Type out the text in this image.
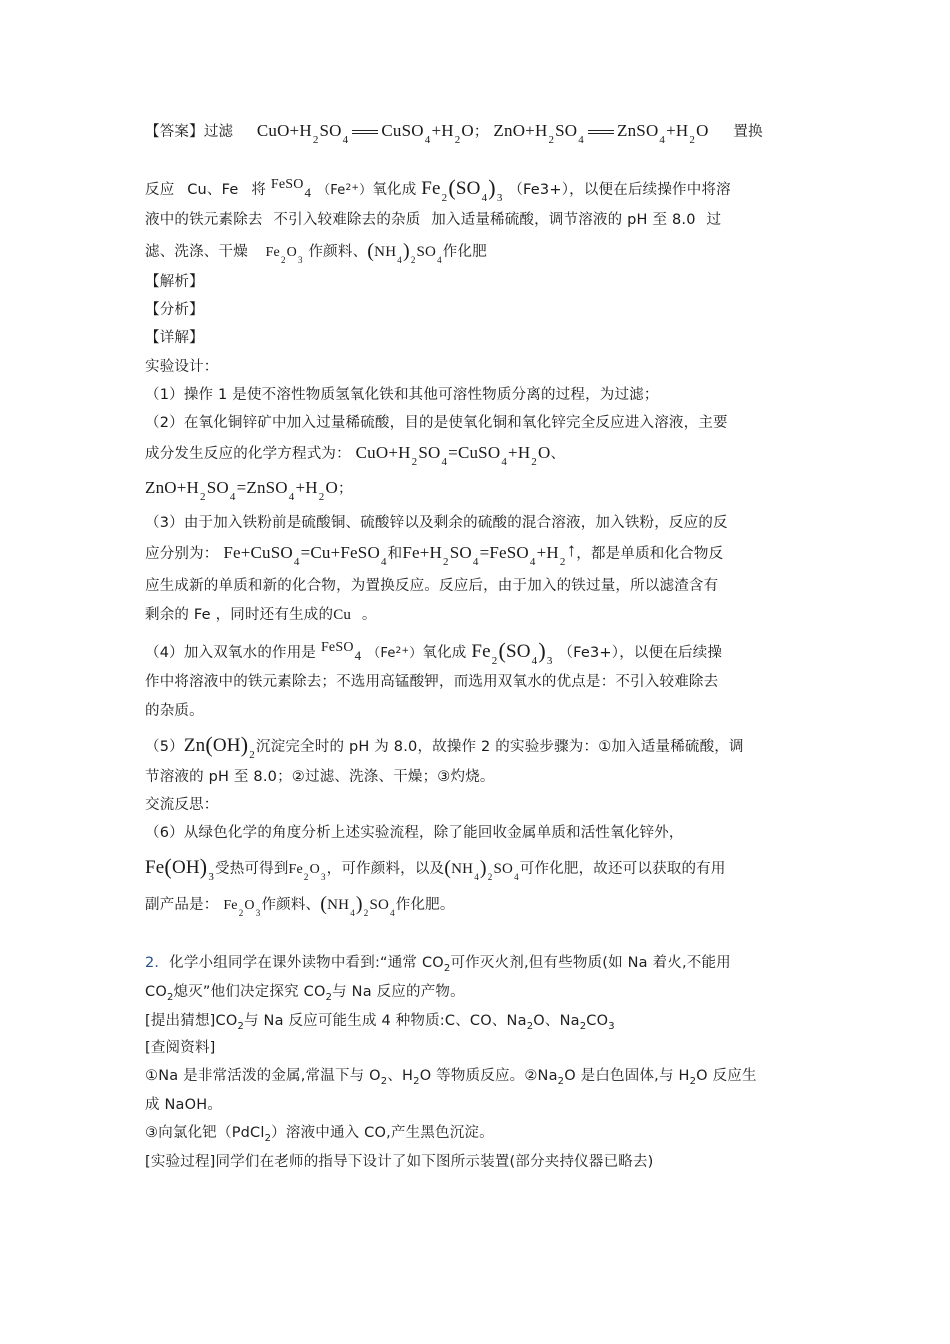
【答案】过滤 $CuO+H_2SO_4$ $CuSO_4+H_2O$； $ZnO+H_2SO_4$ $ZnSO_4+H_2O$ 置换
反应 Cu、Fe 将 FeSO4 $(Fe^{2+})$氧化成 $Fe_2(SO_4)_3$ （Fe3+），以便在后续操作中将溶
液中的铁元素除去 不引入较难除去的杂质 加入适量稀硫酸，调节溶液的 pH 至 8.0 过
滤、洗涤、干燥 $Fe_2O_3$ 作颜料、$(NH_4)_2SO_4$作化肥
【解析】
【分析】
【详解】
实验设计：
（1）操作 1 是使不溶性物质氢氧化铁和其他可溶性物质分离的过程，为过滤；
（2）在氧化铜锌矿中加入过量稀硫酸，目的是使氧化铜和氧化锌完全反应进入溶液，主要
成分发生反应的化学方程式为： $CuO+H_2SO_4=CuSO_4+H_2O$、
$ZnO+H_2SO_4=ZnSO_4+H_2O$；
（3）由于加入铁粉前是硫酸铜、硫酸锌以及剩余的硫酸的混合溶液，加入铁粉，反应的反
应分别为： Fe+CuSO$_4$=Cu+FeSO$_4$和$Fe+H_2SO_4=FeSO_4+H_2↑$，都是单质和化合物反
应生成新的单质和新的化合物，为置换反应。反应后，由于加入的铁过量，所以滤渣含有
剩余的 Fe ，同时还有生成的Cu 。
（4）加入双氧水的作用是 FeSO4 $(Fe^{2+})$氧化成 $Fe_2(SO_4)_3$ （Fe3+），以便在后续操
作中将溶液中的铁元素除去；不选用高锰酸钾，而选用双氧水的优点是：不引入较难除去
的杂质。
$(5)Zn(OH)_2$沉淀完全时的 pH 为 8.0，故操作 2 的实验步骤为：①加入适量稀硫酸，调
节溶液的 pH 至 8.0；②过滤、洗涤、干燥；③灼烧。
交流反思：
（6）从绿色化学的角度分析上述实验流程，除了能回收金属单质和活性氧化锌外，
$Fe(OH)_3$受热可得到$Fe_2O_3$，可作颜料，以及$(NH_4)_2SO_4$可作化肥，故还可以获取的有用
副产品是： $Fe_2O_3$作颜料、$(NH_4)_2SO_4$作化肥。
2．化学小组同学在课外读物中看到:“通常 $CO_2$可作灭火剂,但有些物质(如 Na 着火,不能用
$CO_2$熄灭”他们决定探究 $CO_2$与 Na 反应的产物。
[提出猜想]$CO_2$与 Na 反应可能生成 4 种物质:C、CO、$Na_2O$、$Na_2CO_3$
[查阅资料]
①Na 是非常活泼的金属,常温下与 $O_2$、$H_2O$ 等物质反应。$②Na_2O$ 是白色固体,与 $H_2O$ 反应生
成 NaOH。
③向氯化钯（PdCl$_2$）溶液中通入 CO,产生黑色沉淀。
[实验过程]同学们在老师的指导下设计了如下图所示装置(部分夹持仪器已略去)
